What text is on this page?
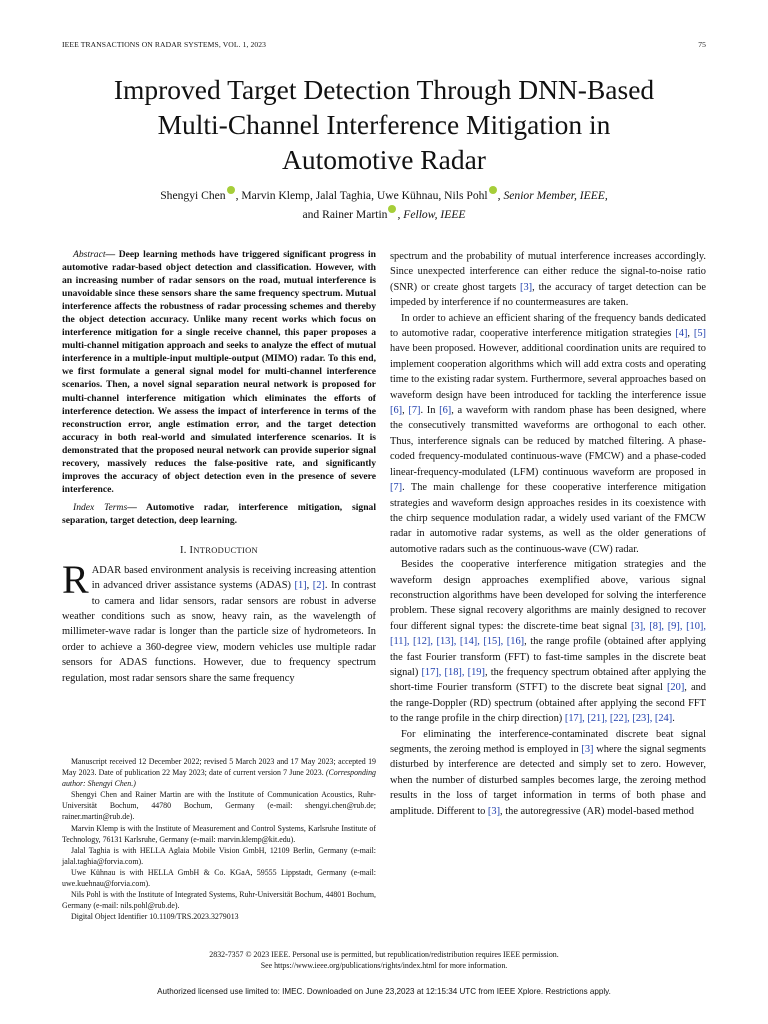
IEEE TRANSACTIONS ON RADAR SYSTEMS, VOL. 1, 2023	75
Improved Target Detection Through DNN-Based
Multi-Channel Interference Mitigation in
Automotive Radar
Shengyi Chen , Marvin Klemp, Jalal Taghia, Uwe Kühnau, Nils Pohl , Senior Member, IEEE,
and Rainer Martin , Fellow, IEEE

Abstract— Deep learning methods have triggered significant progress in automotive radar-based object detection and classification. However, with an increasing number of radar sensors on the road, mutual interference is unavoidable since these sensors share the same frequency spectrum. Mutual interference affects the robustness of radar processing schemes and thereby the object detection accuracy. Unlike many recent works which focus on interference mitigation for a single receive channel, this paper proposes a multi-channel mitigation approach and seeks to analyze the effect of mutual interference in a multiple-input multiple-output (MIMO) radar. To this end, we first formulate a general signal model for multi-channel interference scenarios. Then, a novel signal separation neural network is proposed for multi-channel interference mitigation which eliminates the efforts of interference detection. We assess the impact of interference in terms of the reconstruction error, angle estimation error, and the target detection accuracy in both real-world and simulated interference scenarios. It is demonstrated that the proposed neural network can provide superior signal recovery, massively reduces the false-positive rate, and significantly improves the accuracy of object detection even in the presence of severe interference.

Index Terms— Automotive radar, interference mitigation, signal separation, target detection, deep learning.

I. INTRODUCTION

RADAR based environment analysis is receiving increasing attention in advanced driver assistance systems (ADAS) [1], [2]. In contrast to camera and lidar sensors, radar sensors are robust in adverse weather conditions such as snow, heavy rain, as the wavelength of millimeter-wave radar is longer than the particle size of hydrometeors. In order to achieve a 360-degree view, modern vehicles use multiple radar sensors for ADAS functions. However, due to frequency spectrum regulation, most radar sensors share the same frequency

Manuscript received 12 December 2022; revised 5 March 2023 and 17 May 2023; accepted 19 May 2023. Date of publication 22 May 2023; date of current version 7 June 2023. (Corresponding author: Shengyi Chen.)

Shengyi Chen and Rainer Martin are with the Institute of Communication Acoustics, Ruhr-Universität Bochum, 44780 Bochum, Germany (e-mail: shengyi.chen@rub.de; rainer.martin@rub.de).

Marvin Klemp is with the Institute of Measurement and Control Systems, Karlsruhe Institute of Technology, 76131 Karlsruhe, Germany (e-mail: marvin.klemp@kit.edu).

Jalal Taghia is with HELLA Aglaia Mobile Vision GmbH, 12109 Berlin, Germany (e-mail: jalal.taghia@forvia.com).

Uwe Kühnau is with HELLA GmbH & Co. KGaA, 59555 Lippstadt, Germany (e-mail: uwe.kuehnau@forvia.com).

Nils Pohl is with the Institute of Integrated Systems, Ruhr-Universität Bochum, 44801 Bochum, Germany (e-mail: nils.pohl@rub.de).

Digital Object Identifier 10.1109/TRS.2023.3279013

spectrum and the probability of mutual interference increases accordingly. Since unexpected interference can either reduce the signal-to-noise ratio (SNR) or create ghost targets [3], the accuracy of target detection can be impeded by interference if no countermeasures are taken.

In order to achieve an efficient sharing of the frequency bands dedicated to automotive radar, cooperative interference mitigation strategies [4], [5] have been proposed. However, additional coordination units are required to implement cooperation algorithms which will add extra costs and operating time to the existing radar system. Furthermore, several approaches based on waveform design have been introduced for tackling the interference issue [6], [7]. In [6], a waveform with random phase has been designed, where the consecutively transmitted waveforms are orthogonal to each other. Thus, interference signals can be reduced by matched filtering. A phase-coded frequency-modulated continuous-wave (FMCW) and a phase-coded linear-frequency-modulated (LFM) continuous waveform are proposed in [7]. The main challenge for these cooperative interference mitigation strategies and waveform design approaches resides in its coexistence with the chirp sequence modulation radar, a widely used variant of the FMCW radar in automotive radar systems, as well as the older generations of automotive radars such as the continuous-wave (CW) radar.

Besides the cooperative interference mitigation strategies and the waveform design approaches exemplified above, various signal reconstruction algorithms have been developed for solving the interference problem. These signal recovery algorithms are mainly designed to recover four different signal types: the discrete-time beat signal [3], [8], [9], [10], [11], [12], [13], [14], [15], [16], the range profile (obtained after applying the fast Fourier transform (FFT) to fast-time samples in the discrete beat signal) [17], [18], [19], the frequency spectrum obtained after applying the short-time Fourier transform (STFT) to the discrete beat signal [20], and the range-Doppler (RD) spectrum (obtained after applying the second FFT to the range profile in the chirp direction) [17], [21], [22], [23], [24].

For eliminating the interference-contaminated discrete beat signal segments, the zeroing method is employed in [3] where the signal segments disturbed by interference are detected and simply set to zero. However, when the number of disturbed samples becomes large, the zeroing method results in the loss of target information in terms of both phase and amplitude. Different to [3], the autoregressive (AR) model-based method

2832-7357 © 2023 IEEE. Personal use is permitted, but republication/redistribution requires IEEE permission.
See https://www.ieee.org/publications/rights/index.html for more information.
Authorized licensed use limited to: IMEC. Downloaded on June 23,2023 at 12:15:34 UTC from IEEE Xplore. Restrictions apply.
